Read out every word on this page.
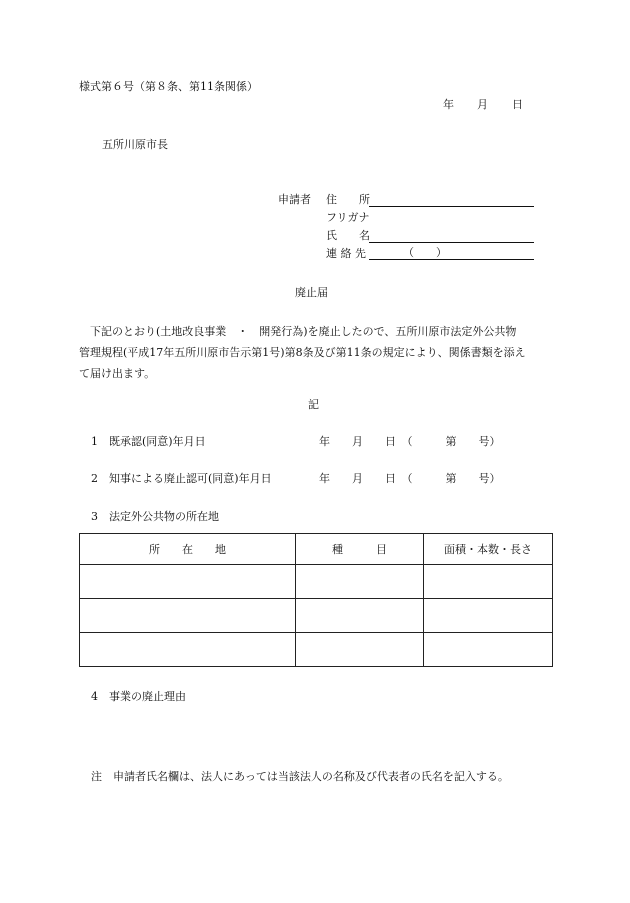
様式第６号（第８条、第11条関係）
年 月 日
五所川原市長
申請者 住　　所
フリガナ
氏　　名
連 絡 先	（　　）
廃止届

下記のとおり(土地改良事業　・　開発行為)を廃止したので、五所川原市法定外公共物

管理規程(平成17年五所川原市告示第1号)第8条及び第11条の規定により、関係書類を添え

て届け出ます。

記
1 既承認(同意)年月日	年　　月　　日　（　　　第　　号）
2 知事による廃止認可(同意)年月日	年　　月　　日　（　　　第　　号）
3 法定外公共物の所在地
所　　在　　地	種　　　目	面積・本数・長さ

4 事業の廃止理由
注　申請者氏名欄は、法人にあっては当該法人の名称及び代表者の氏名を記入する。
